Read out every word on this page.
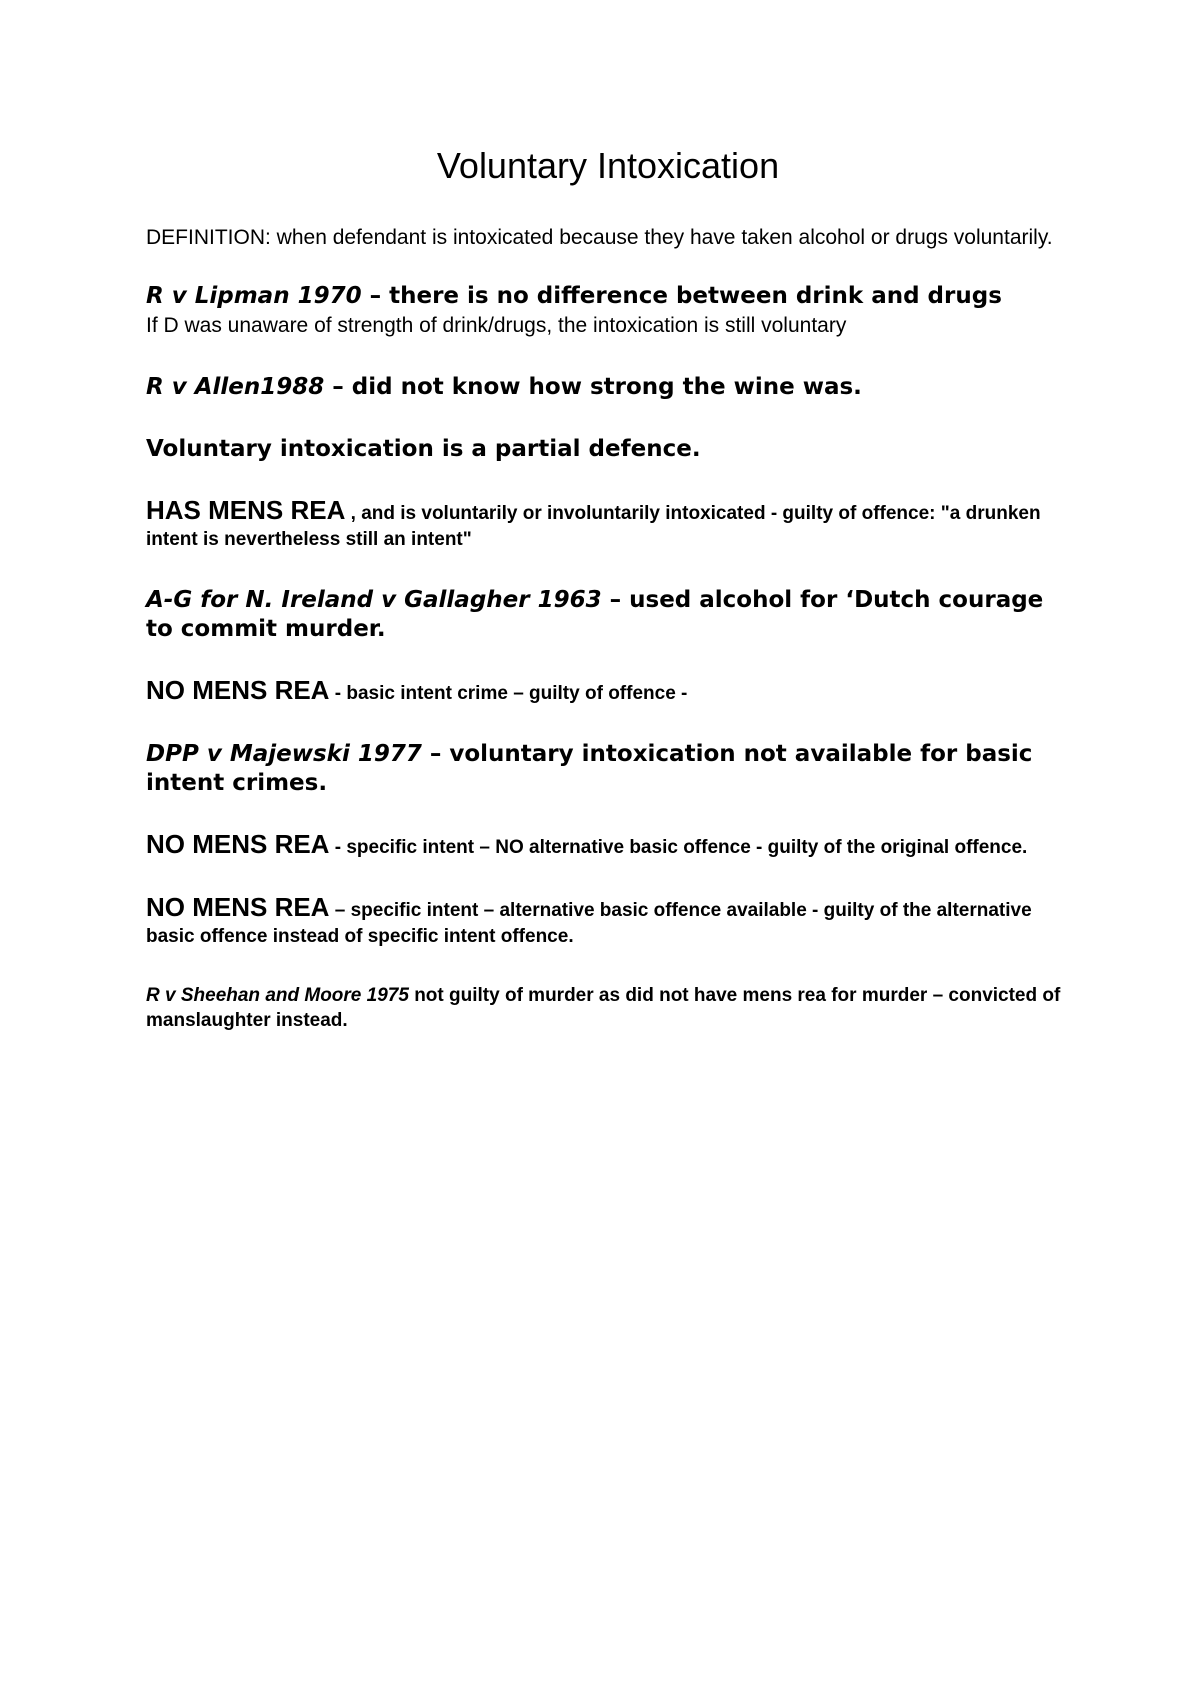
Voluntary Intoxication

DEFINITION: when defendant is intoxicated because they have taken alcohol or drugs voluntarily.

R v Lipman 1970 – there is no difference between drink and drugs

If D was unaware of strength of drink/drugs, the intoxication is still voluntary

R v Allen1988 – did not know how strong the wine was.

Voluntary intoxication is a partial defence.

HAS MENS REA , and is voluntarily or involuntarily intoxicated - guilty of offence: "a drunken intent is nevertheless still an intent"

A-G for N. Ireland v Gallagher 1963 – used alcohol for ‘Dutch courage to commit murder.

NO MENS REA - basic intent crime – guilty of offence -

DPP v Majewski 1977 – voluntary intoxication not available for basic intent crimes.

NO MENS REA - specific intent – NO alternative basic offence - guilty of the original offence.

NO MENS REA – specific intent – alternative basic offence available - guilty of the alternative basic offence instead of specific intent offence.

R v Sheehan and Moore 1975 not guilty of murder as did not have mens rea for murder – convicted of manslaughter instead.
